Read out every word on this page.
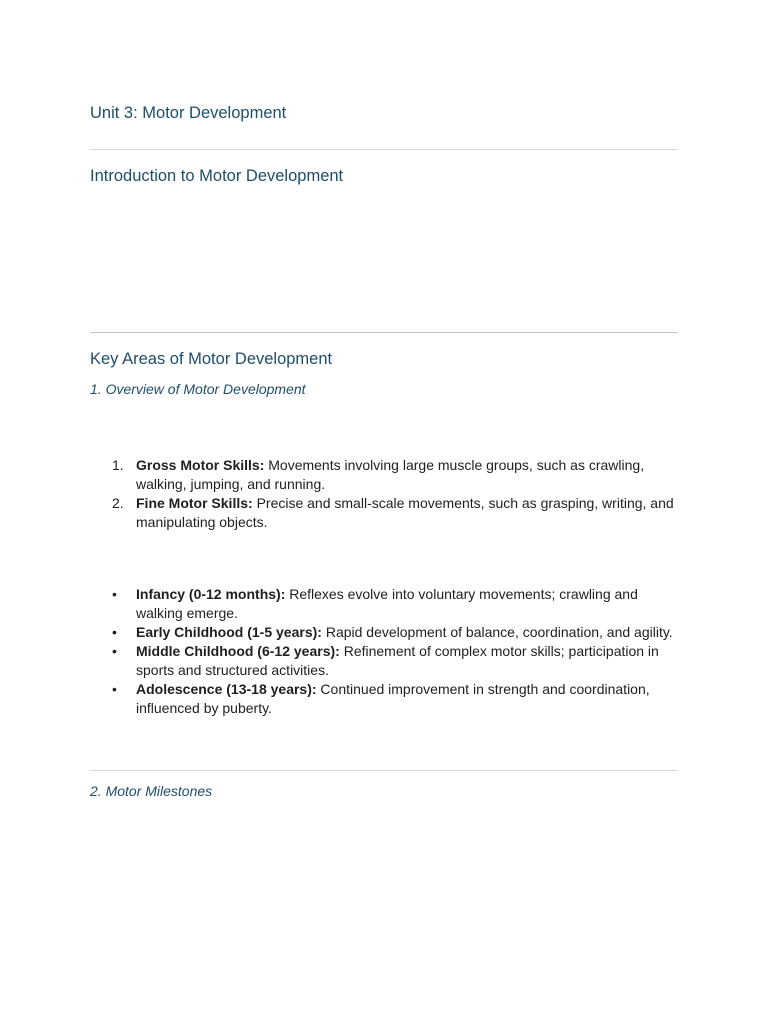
Unit 3: Motor Development
Introduction to Motor Development
Key Areas of Motor Development
1. Overview of Motor Development
1. Gross Motor Skills: Movements involving large muscle groups, such as crawling, walking, jumping, and running.
2. Fine Motor Skills: Precise and small-scale movements, such as grasping, writing, and manipulating objects.
•	Infancy (0-12 months): Reflexes evolve into voluntary movements; crawling and walking emerge.
•	Early Childhood (1-5 years): Rapid development of balance, coordination, and agility.
•	Middle Childhood (6-12 years): Refinement of complex motor skills; participation in sports and structured activities.
•	Adolescence (13-18 years): Continued improvement in strength and coordination, influenced by puberty.
2. Motor Milestones
